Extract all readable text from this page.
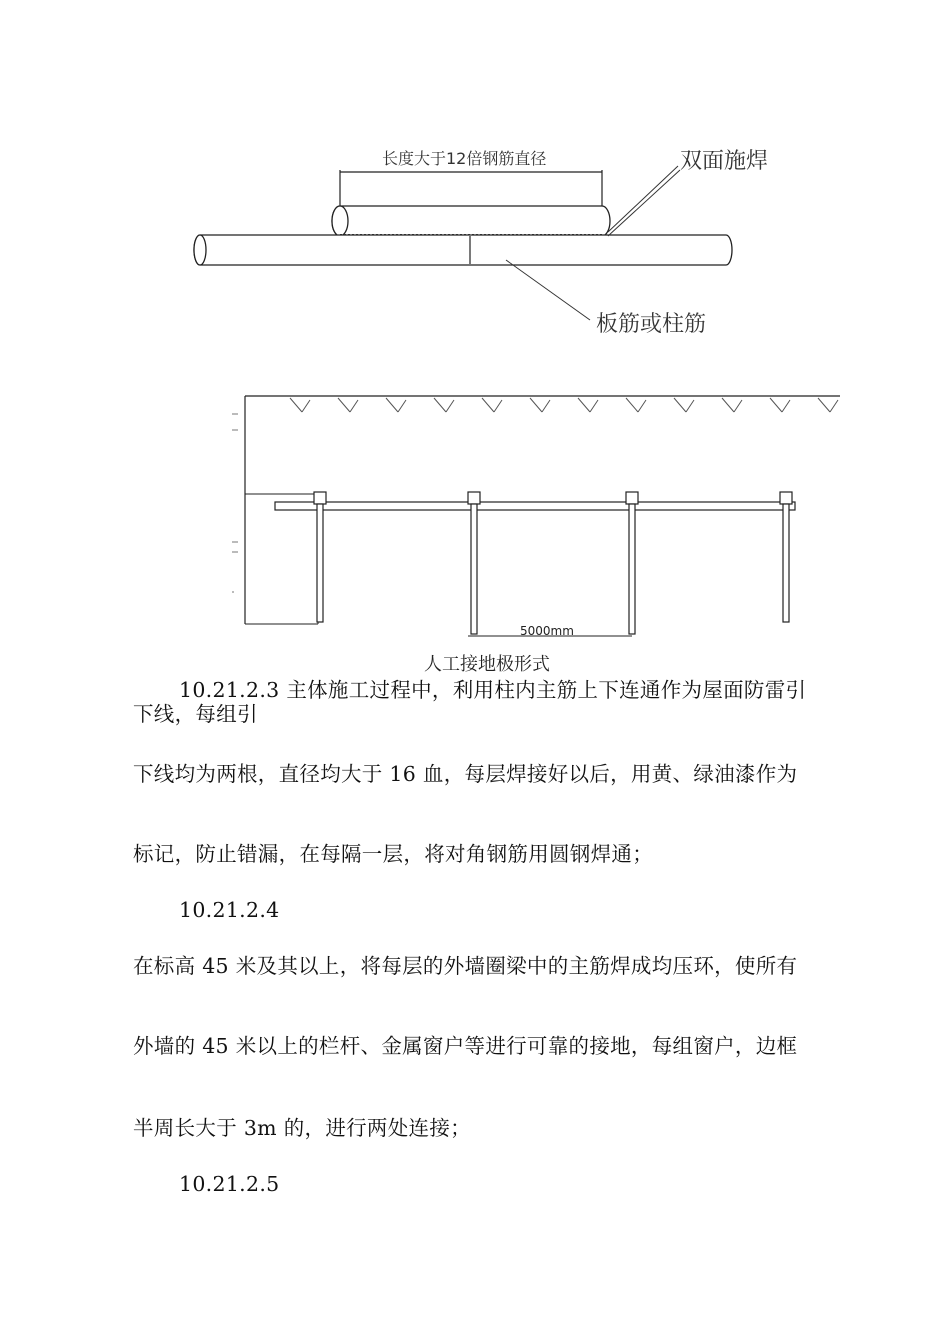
长度大于12倍钢筋直径	双面施焊
板筋或柱筋
5000mm
人工接地极形式
10.21.2.3 主体施工过程中，利用柱内主筋上下连通作为屋面防雷引下线，每组引
下线均为两根，直径均大于 16 血，每层焊接好以后，用黄、绿油漆作为
标记，防止错漏，在每隔一层，将对角钢筋用圆钢焊通；
10.21.2.4
在标高 45 米及其以上，将每层的外墙圈梁中的主筋焊成均压环，使所有
外墙的 45 米以上的栏杆、金属窗户等进行可靠的接地，每组窗户，边框
半周长大于 3m 的，进行两处连接；
10.21.2.5
